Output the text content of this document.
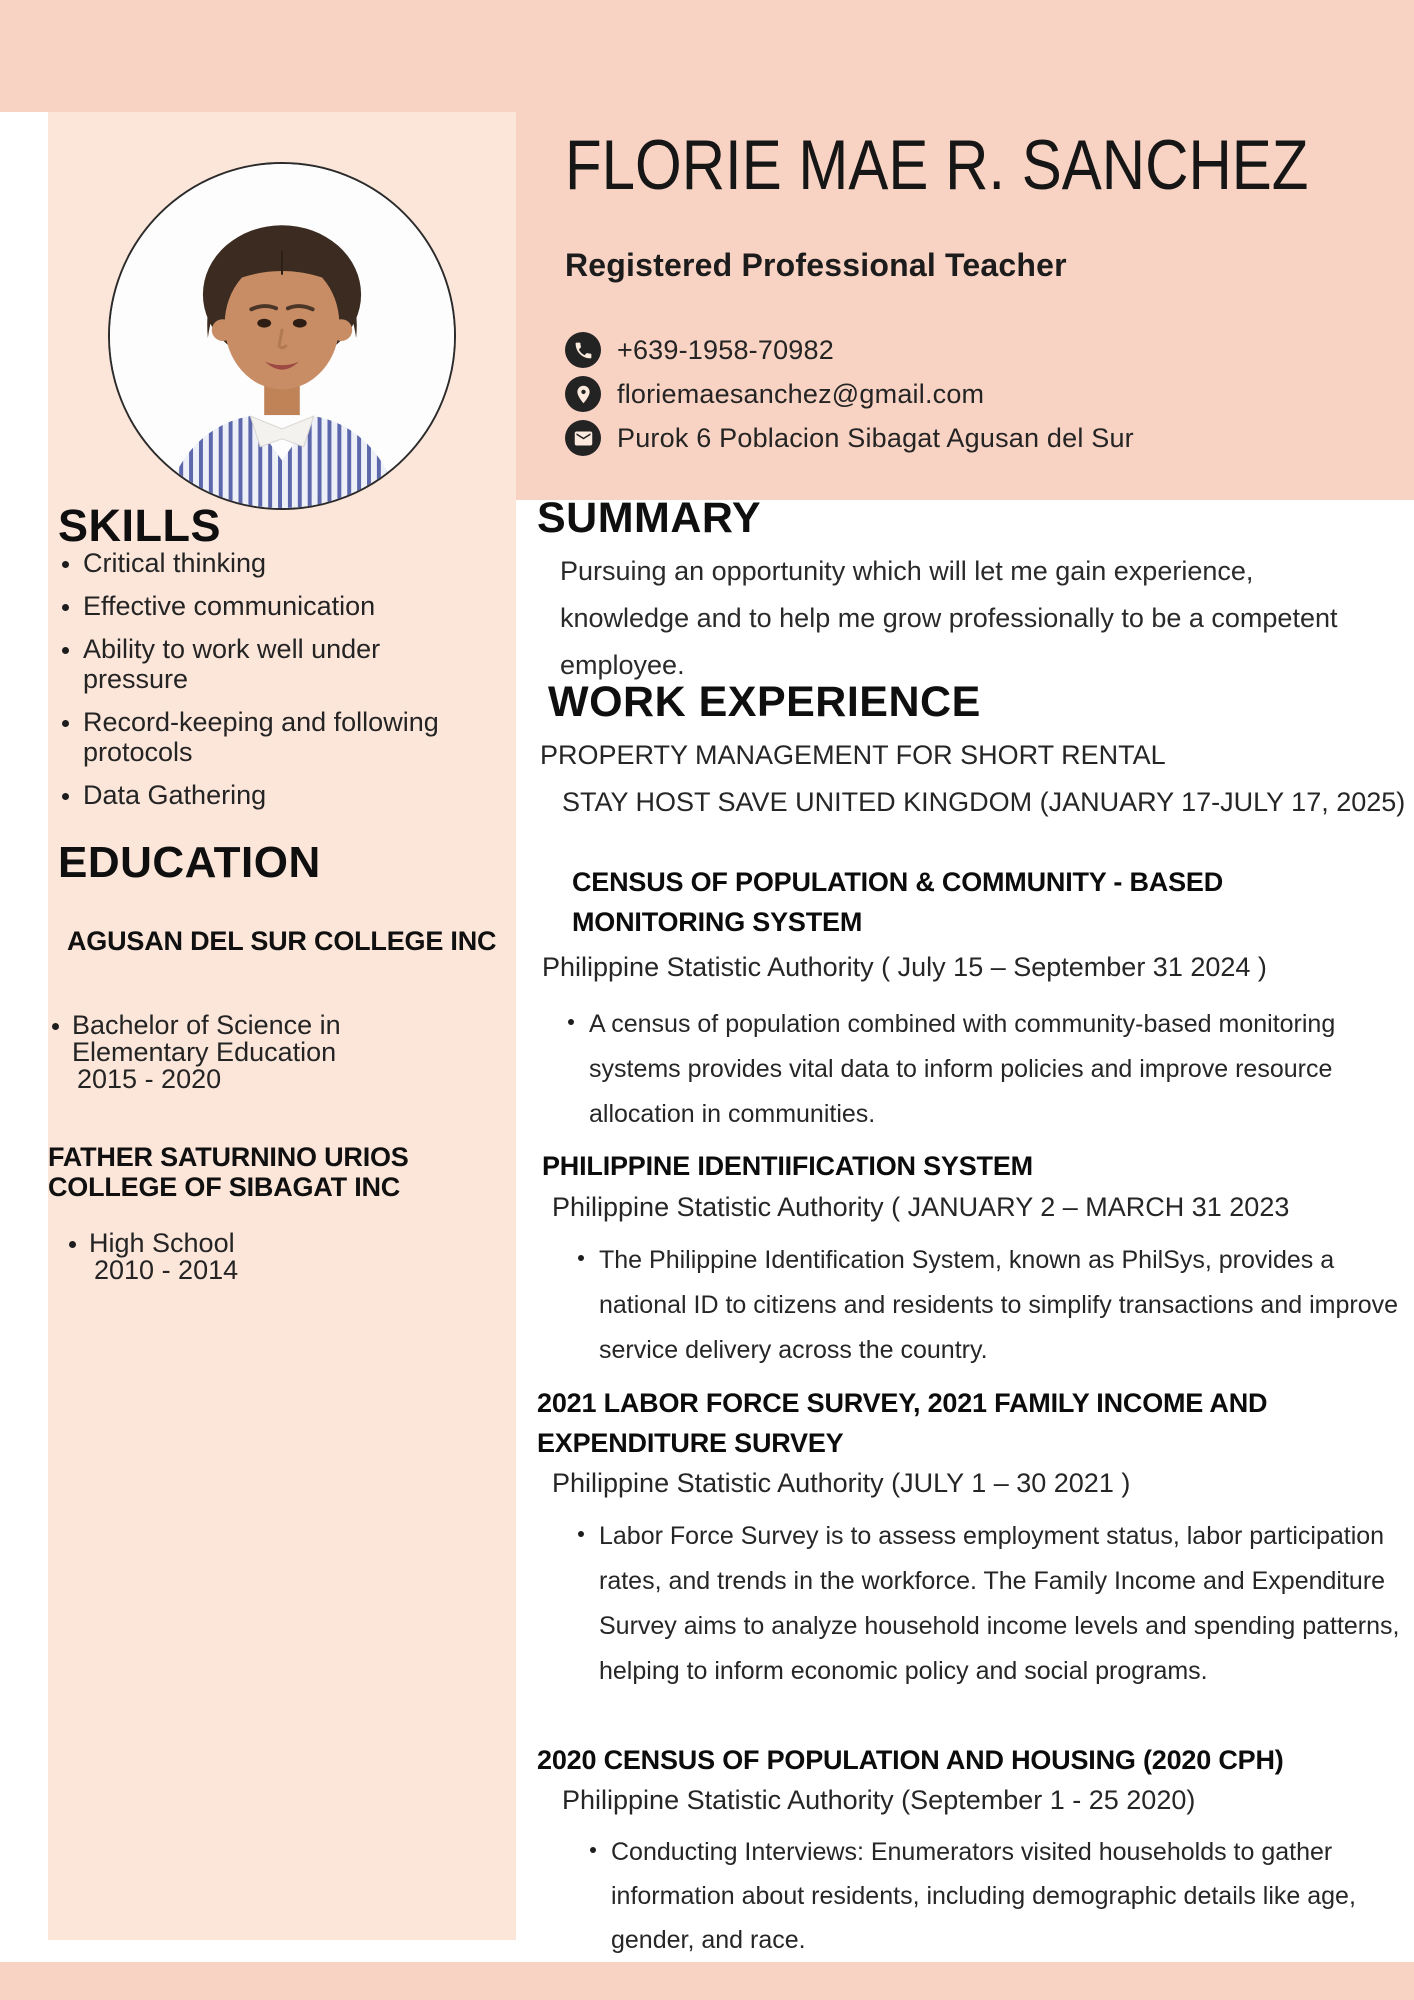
FLORIE MAE R. SANCHEZ
Registered Professional Teacher
+639-1958-70982
floriemaesanchez@gmail.com
Purok 6 Poblacion Sibagat Agusan del Sur
SKILLS
Critical thinking
Effective communication
Ability to work well under pressure
Record-keeping and following protocols
Data Gathering
EDUCATION
AGUSAN DEL SUR COLLEGE INC
Bachelor of Science in
Elementary Education
2015 - 2020
FATHER SATURNINO URIOS COLLEGE OF SIBAGAT INC
High School
2010 - 2014
SUMMARY
Pursuing an opportunity which will let me gain experience, knowledge and to help me grow professionally to be a competent employee.
WORK EXPERIENCE
PROPERTY MANAGEMENT FOR SHORT RENTAL
STAY HOST SAVE UNITED KINGDOM (JANUARY 17-JULY 17, 2025)
CENSUS OF POPULATION & COMMUNITY - BASED MONITORING SYSTEM
Philippine Statistic Authority ( July 15 – September 31 2024 )
A census of population combined with community-based monitoring systems provides vital data to inform policies and improve resource allocation in communities.
PHILIPPINE IDENTIIFICATION SYSTEM
Philippine Statistic Authority ( JANUARY 2 – MARCH 31 2023
The Philippine Identification System, known as PhilSys, provides a national ID to citizens and residents to simplify transactions and improve service delivery across the country.
2021 LABOR FORCE SURVEY, 2021 FAMILY INCOME AND EXPENDITURE SURVEY
Philippine Statistic Authority (JULY 1 – 30 2021 )
Labor Force Survey is to assess employment status, labor participation rates, and trends in the workforce. The Family Income and Expenditure Survey aims to analyze household income levels and spending patterns, helping to inform economic policy and social programs.
2020 CENSUS OF POPULATION AND HOUSING (2020 CPH)
Philippine Statistic Authority (September 1 - 25 2020)
Conducting Interviews: Enumerators visited households to gather information about residents, including demographic details like age, gender, and race.
